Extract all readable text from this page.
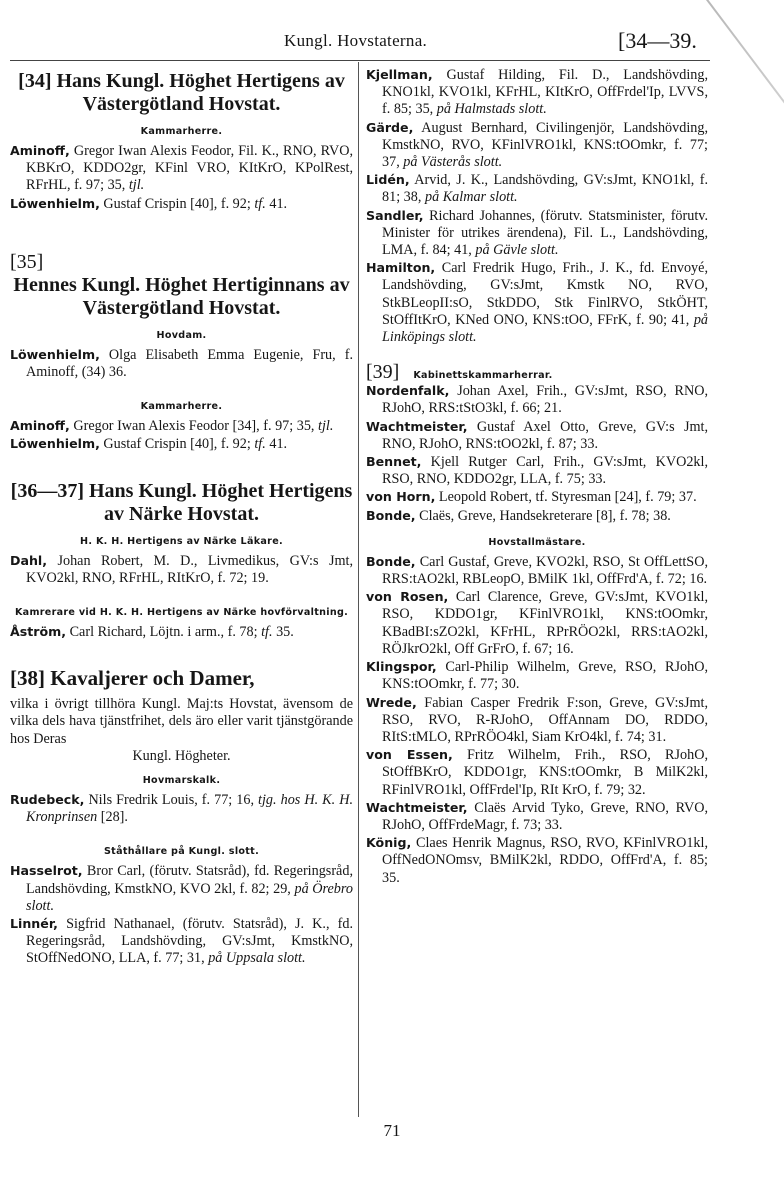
Kungl. Hovstaterna.	[34—39.
[34] Hans Kungl. Höghet Hertigens av Västergötland Hovstat.
Kammarherre.

Aminoff, Gregor Iwan Alexis Feodor, Fil. K., RNO, RVO, KBKrO, KDDO2gr, KFinl VRO, KItKrO, KPolRest, RFrHL, f. 97; 35, tjl.

Löwenhielm, Gustaf Crispin [40], f. 92; tf. 41.

[35]
Hennes Kungl. Höghet Hertiginnans av Västergötland Hovstat.
Hovdam.

Löwenhielm, Olga Elisabeth Emma Eugenie, Fru, f. Aminoff, (34) 36.

Kammarherre.

Aminoff, Gregor Iwan Alexis Feodor [34], f. 97; 35, tjl.

Löwenhielm, Gustaf Crispin [40], f. 92; tf. 41.

[36—37] Hans Kungl. Höghet Hertigens av Närke Hovstat.
H. K. H. Hertigens av Närke Läkare.

Dahl, Johan Robert, M. D., Livmedikus, GV:s Jmt, KVO2kl, RNO, RFrHL, RItKrO, f. 72; 19.

Kamrerare vid H. K. H. Hertigens av Närke hovförvaltning.

Åström, Carl Richard, Löjtn. i arm., f. 78; tf. 35.

[38] Kavaljerer och Damer,

vilka i övrigt tillhöra Kungl. Maj:ts Hovstat, ävensom de vilka dels hava tjänstfrihet, dels äro eller varit tjänstgörande hos Deras

Kungl. Högheter.

Hovmarskalk.

Rudebeck, Nils Fredrik Louis, f. 77; 16, tjg. hos H. K. H. Kronprinsen [28].

Ståthållare på Kungl. slott.

Hasselrot, Bror Carl, (förutv. Statsråd), fd. Regeringsråd, Landshövding, KmstkNO, KVO 2kl, f. 82; 29, på Örebro slott.

Linnér, Sigfrid Nathanael, (förutv. Statsråd), J. K., fd. Regeringsråd, Landshövding, GV:sJmt, KmstkNO, StOffNedONO, LLA, f. 77; 31, på Uppsala slott.

Kjellman, Gustaf Hilding, Fil. D., Landshövding, KNO1kl, KVO1kl, KFrHL, KItKrO, OffFrdel'Ip, LVVS, f. 85; 35, på Halmstads slott.

Gärde, August Bernhard, Civilingenjör, Landshövding, KmstkNO, RVO, KFinlVRO1kl, KNS:tOOmkr, f. 77; 37, på Västerås slott.

Lidén, Arvid, J. K., Landshövding, GV:sJmt, KNO1kl, f. 81; 38, på Kalmar slott.

Sandler, Richard Johannes, (förutv. Statsminister, förutv. Minister för utrikes ärendena), Fil. L., Landshövding, LMA, f. 84; 41, på Gävle slott.

Hamilton, Carl Fredrik Hugo, Frih., J. K., fd. Envoyé, Landshövding, GV:sJmt, Kmstk NO, RVO, StkBLeopII:sO, StkDDO, Stk FinlRVO, StkÖHT, StOffItKrO, KNed ONO, KNS:tOO, FFrK, f. 90; 41, på Linköpings slott.

[39] Kabinettskammarherrar.

Nordenfalk, Johan Axel, Frih., GV:sJmt, RSO, RNO, RJohO, RRS:tStO3kl, f. 66; 21.

Wachtmeister, Gustaf Axel Otto, Greve, GV:s Jmt, RNO, RJohO, RNS:tOO2kl, f. 87; 33.

Bennet, Kjell Rutger Carl, Frih., GV:sJmt, KVO2kl, RSO, RNO, KDDO2gr, LLA, f. 75; 33.

von Horn, Leopold Robert, tf. Styresman [24], f. 79; 37.

Bonde, Claës, Greve, Handsekreterare [8], f. 78; 38.

Hovstallmästare.

Bonde, Carl Gustaf, Greve, KVO2kl, RSO, St OffLettSO, RRS:tAO2kl, RBLeopO, BMilK 1kl, OffFrd'A, f. 72; 16.

von Rosen, Carl Clarence, Greve, GV:sJmt, KVO1kl, RSO, KDDO1gr, KFinlVRO1kl, KNS:tOOmkr, KBadBI:sZO2kl, KFrHL, RPrRÖO2kl, RRS:tAO2kl, RÖJkrO2kl, Off GrFrO, f. 67; 16.

Klingspor, Carl-Philip Wilhelm, Greve, RSO, RJohO, KNS:tOOmkr, f. 77; 30.

Wrede, Fabian Casper Fredrik F:son, Greve, GV:sJmt, RSO, RVO, R-RJohO, OffAnnam DO, RDDO, RItS:tMLO, RPrRÖO4kl, Siam KrO4kl, f. 74; 31.

von Essen, Fritz Wilhelm, Frih., RSO, RJohO, StOffBKrO, KDDO1gr, KNS:tOOmkr, B MilK2kl, RFinlVRO1kl, OffFrdel'Ip, RIt KrO, f. 79; 32.

Wachtmeister, Claës Arvid Tyko, Greve, RNO, RVO, RJohO, OffFrdeMagr, f. 73; 33.

König, Claes Henrik Magnus, RSO, RVO, KFinlVRO1kl, OffNedONOmsv, BMilK2kl, RDDO, OffFrd'A, f. 85; 35.

71
